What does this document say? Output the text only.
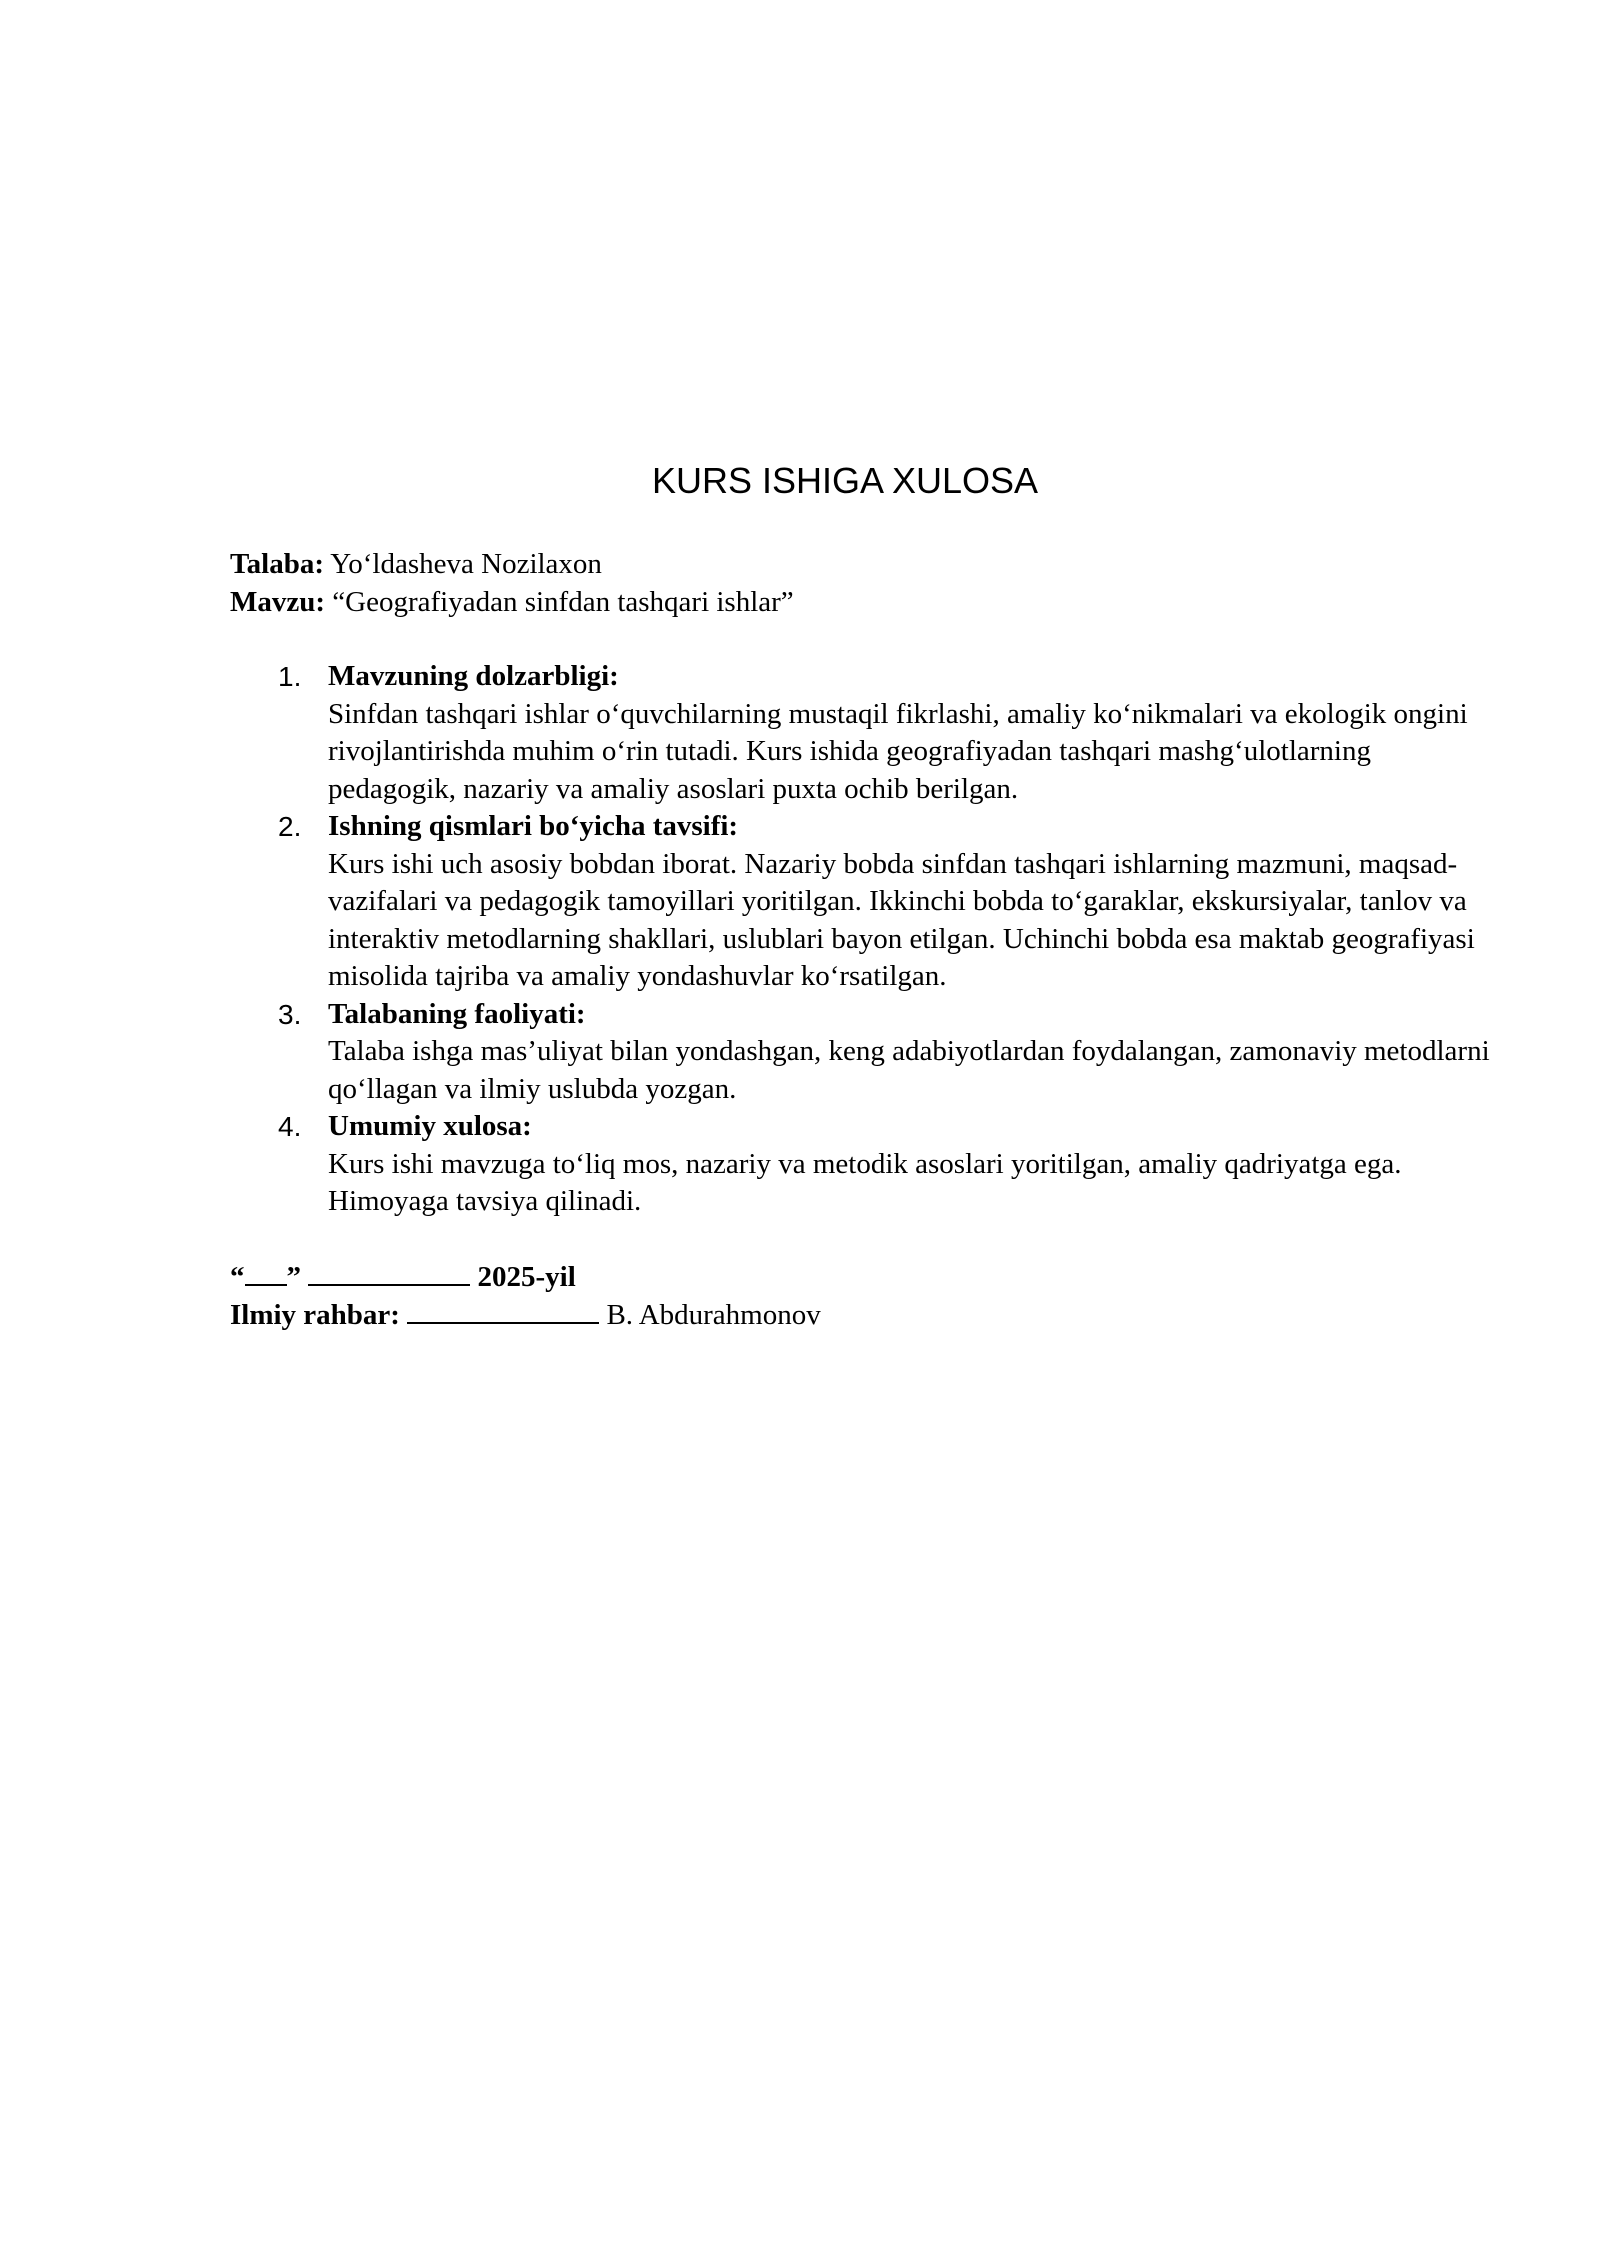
KURS ISHIGA XULOSA

Talaba: Yo‘ldasheva Nozilaxon

Mavzu: “Geografiyadan sinfdan tashqari ishlar”

1. Mavzuning dolzarbligi:
Sinfdan tashqari ishlar o‘quvchilarning mustaqil fikrlashi, amaliy ko‘nikmalari va ekologik ongini rivojlantirishda muhim o‘rin tutadi. Kurs ishida geografiyadan tashqari mashg‘ulotlarning pedagogik, nazariy va amaliy asoslari puxta ochib berilgan.
2. Ishning qismlari bo‘yicha tavsifi:
Kurs ishi uch asosiy bobdan iborat. Nazariy bobda sinfdan tashqari ishlarning mazmuni, maqsad-vazifalari va pedagogik tamoyillari yoritilgan. Ikkinchi bobda to‘garaklar, ekskursiyalar, tanlov va interaktiv metodlarning shakllari, uslublari bayon etilgan. Uchinchi bobda esa maktab geografiyasi misolida tajriba va amaliy yondashuvlar ko‘rsatilgan.
3. Talabaning faoliyati:
Talaba ishga mas’uliyat bilan yondashgan, keng adabiyotlardan foydalangan, zamonaviy metodlarni qo‘llagan va ilmiy uslubda yozgan.
4. Umumiy xulosa:
Kurs ishi mavzuga to‘liq mos, nazariy va metodik asoslari yoritilgan, amaliy qadriyatga ega. Himoyaga tavsiya qilinadi.

“ ”	2025-yil

Ilmiy rahbar:	B. Abdurahmonov
